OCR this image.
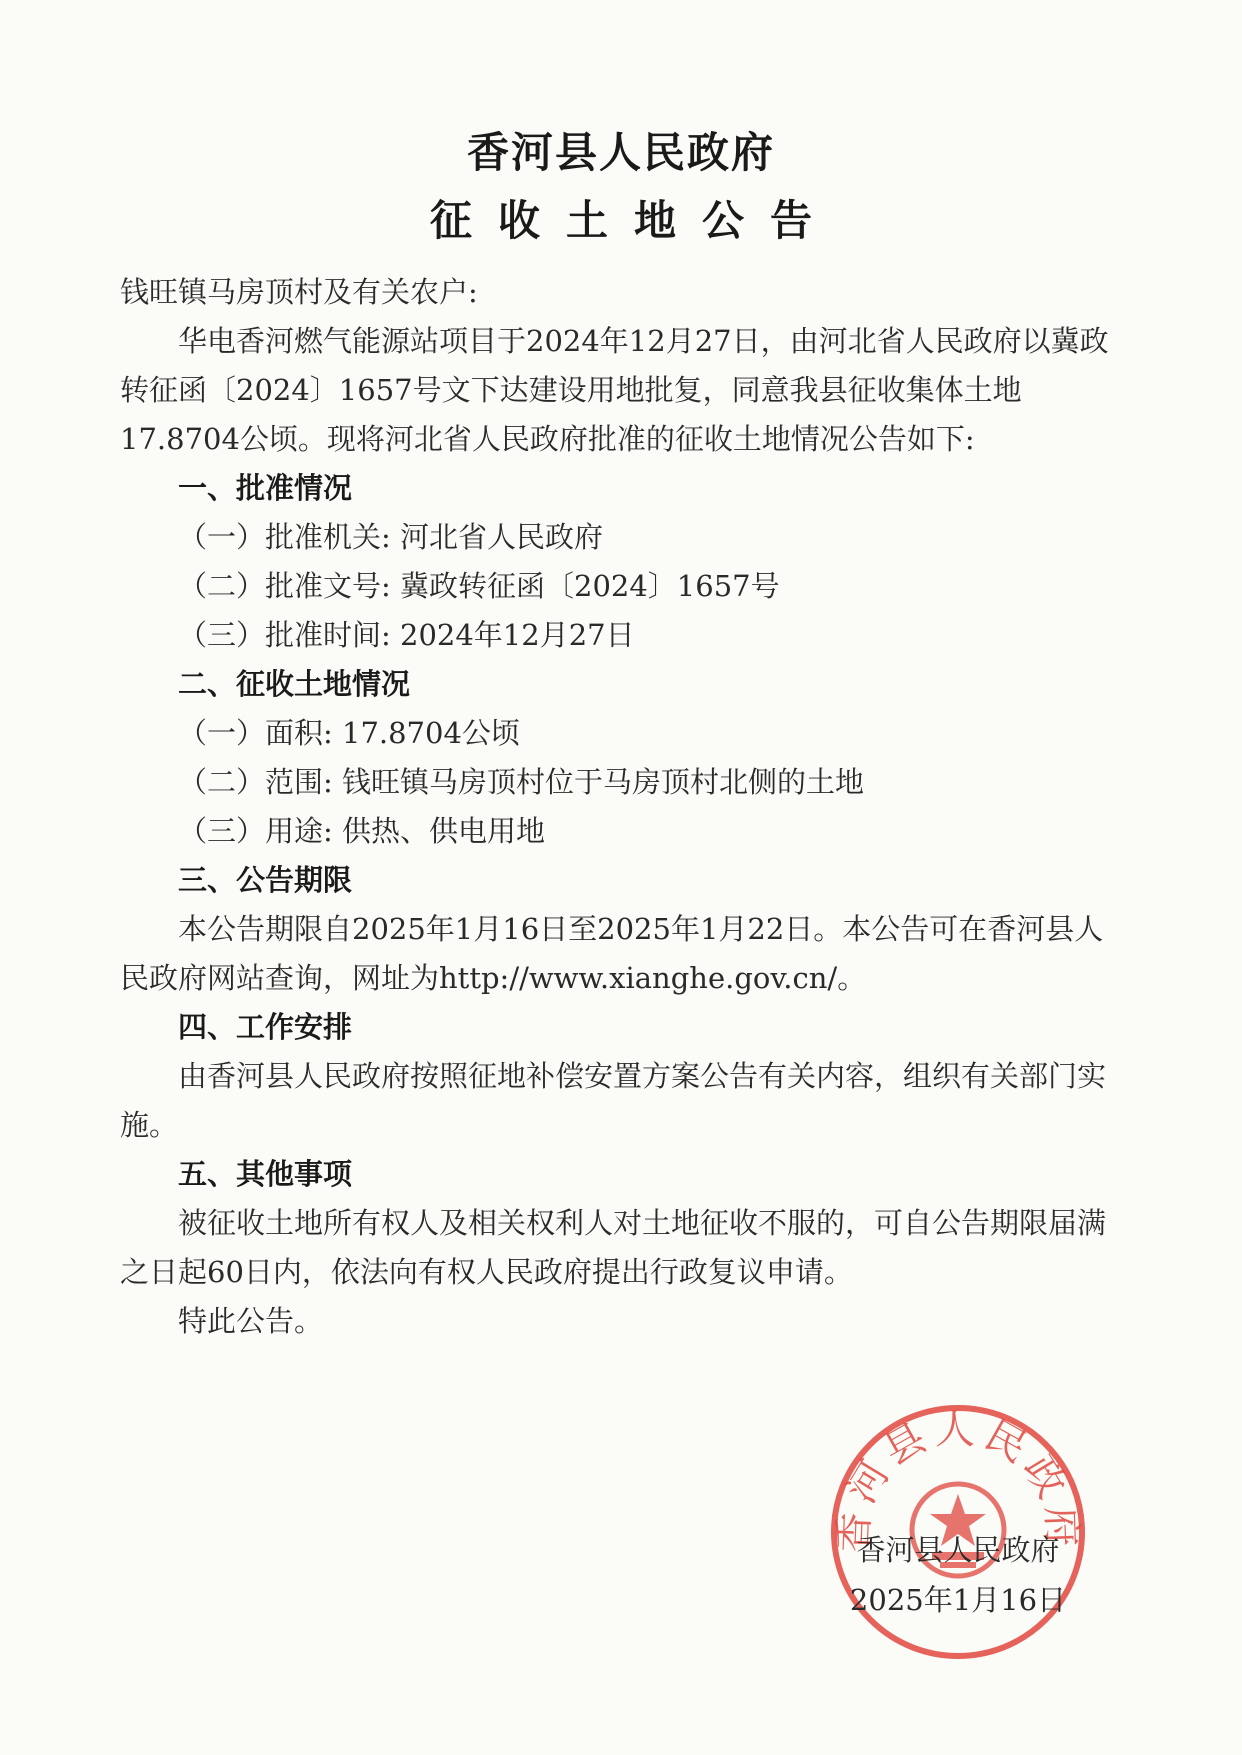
香河县人民政府
征收土地公告

钱旺镇马房顶村及有关农户:

华电香河燃气能源站项目于2024年12月27日，由河北省人民政府以冀政转征函〔2024〕1657号文下达建设用地批复，同意我县征收集体土地17.8704公顷。现将河北省人民政府批准的征收土地情况公告如下:

一、批准情况

（一）批准机关: 河北省人民政府

（二）批准文号: 冀政转征函〔2024〕1657号

（三）批准时间: 2024年12月27日

二、征收土地情况

（一）面积: 17.8704公顷

（二）范围: 钱旺镇马房顶村位于马房顶村北侧的土地

（三）用途: 供热、供电用地

三、公告期限

本公告期限自2025年1月16日至2025年1月22日。本公告可在香河县人民政府网站查询，网址为http://www.xianghe.gov.cn/。

四、工作安排

由香河县人民政府按照征地补偿安置方案公告有关内容，组织有关部门实施。

五、其他事项

被征收土地所有权人及相关权利人对土地征收不服的，可自公告期限届满之日起60日内，依法向有权人民政府提出行政复议申请。

特此公告。

香河县人民政府

香河县人民政府

2025年1月16日
